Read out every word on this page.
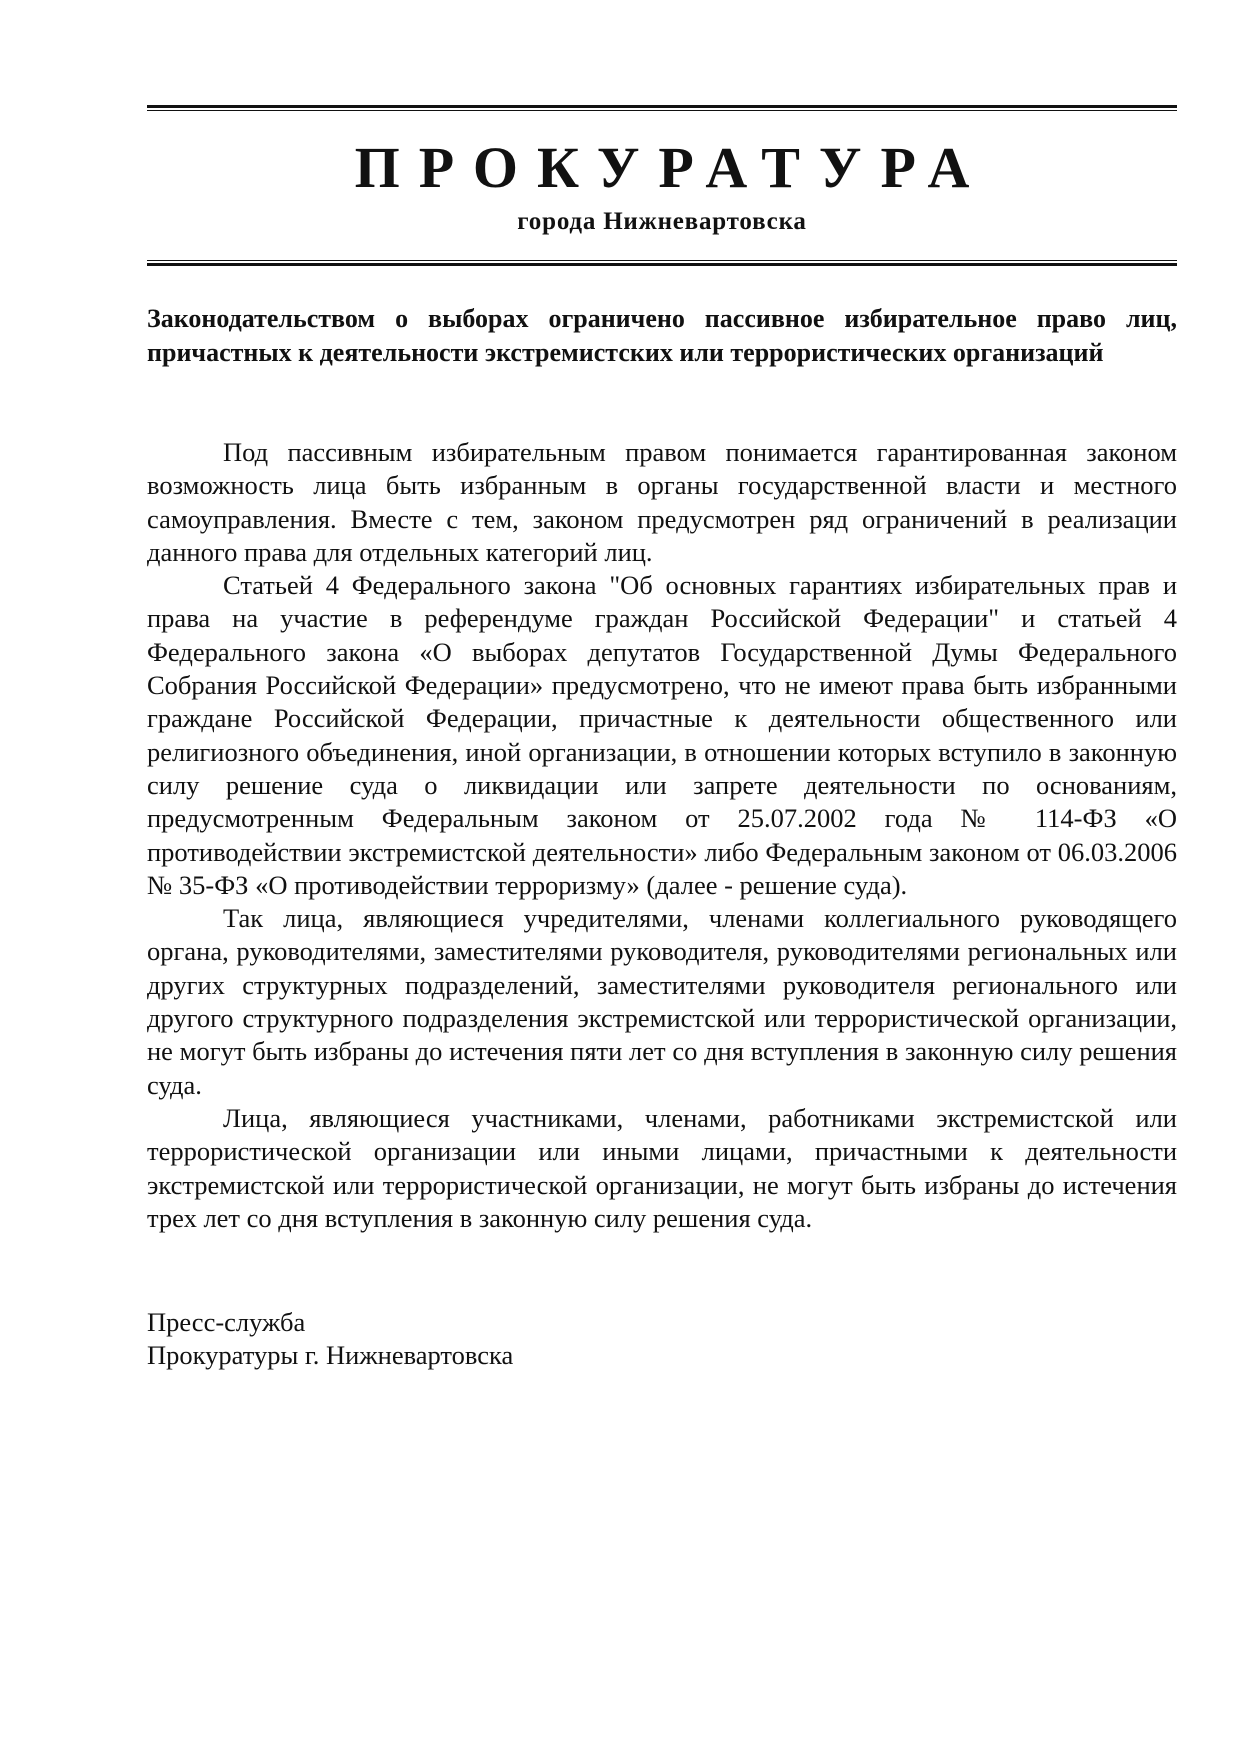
ПРОКУРАТУРА
города Нижневартовска

Законодательством о выборах ограничено пассивное избирательное право лиц, причастных к деятельности экстремистских или террористических организаций

Под пассивным избирательным правом понимается гарантированная законом возможность лица быть избранным в органы государственной власти и местного самоуправления. Вместе с тем, законом предусмотрен ряд ограничений в реализации данного права для отдельных категорий лиц.

Статьей 4 Федерального закона "Об основных гарантиях избирательных прав и права на участие в референдуме граждан Российской Федерации" и статьей 4 Федерального закона «О выборах депутатов Государственной Думы Федерального Собрания Российской Федерации» предусмотрено, что не имеют права быть избранными граждане Российской Федерации, причастные к деятельности общественного или религиозного объединения, иной организации, в отношении которых вступило в законную силу решение суда о ликвидации или запрете деятельности по основаниям, предусмотренным Федеральным законом от 25.07.2002 года № 114-ФЗ «О противодействии экстремистской деятельности» либо Федеральным законом от 06.03.2006 № 35-ФЗ «О противодействии терроризму» (далее - решение суда).

Так лица, являющиеся учредителями, членами коллегиального руководящего органа, руководителями, заместителями руководителя, руководителями региональных или других структурных подразделений, заместителями руководителя регионального или другого структурного подразделения экстремистской или террористической организации, не могут быть избраны до истечения пяти лет со дня вступления в законную силу решения суда.

Лица, являющиеся участниками, членами, работниками экстремистской или террористической организации или иными лицами, причастными к деятельности экстремистской или террористической организации, не могут быть избраны до истечения трех лет со дня вступления в законную силу решения суда.

Пресс-служба
Прокуратуры г. Нижневартовска
